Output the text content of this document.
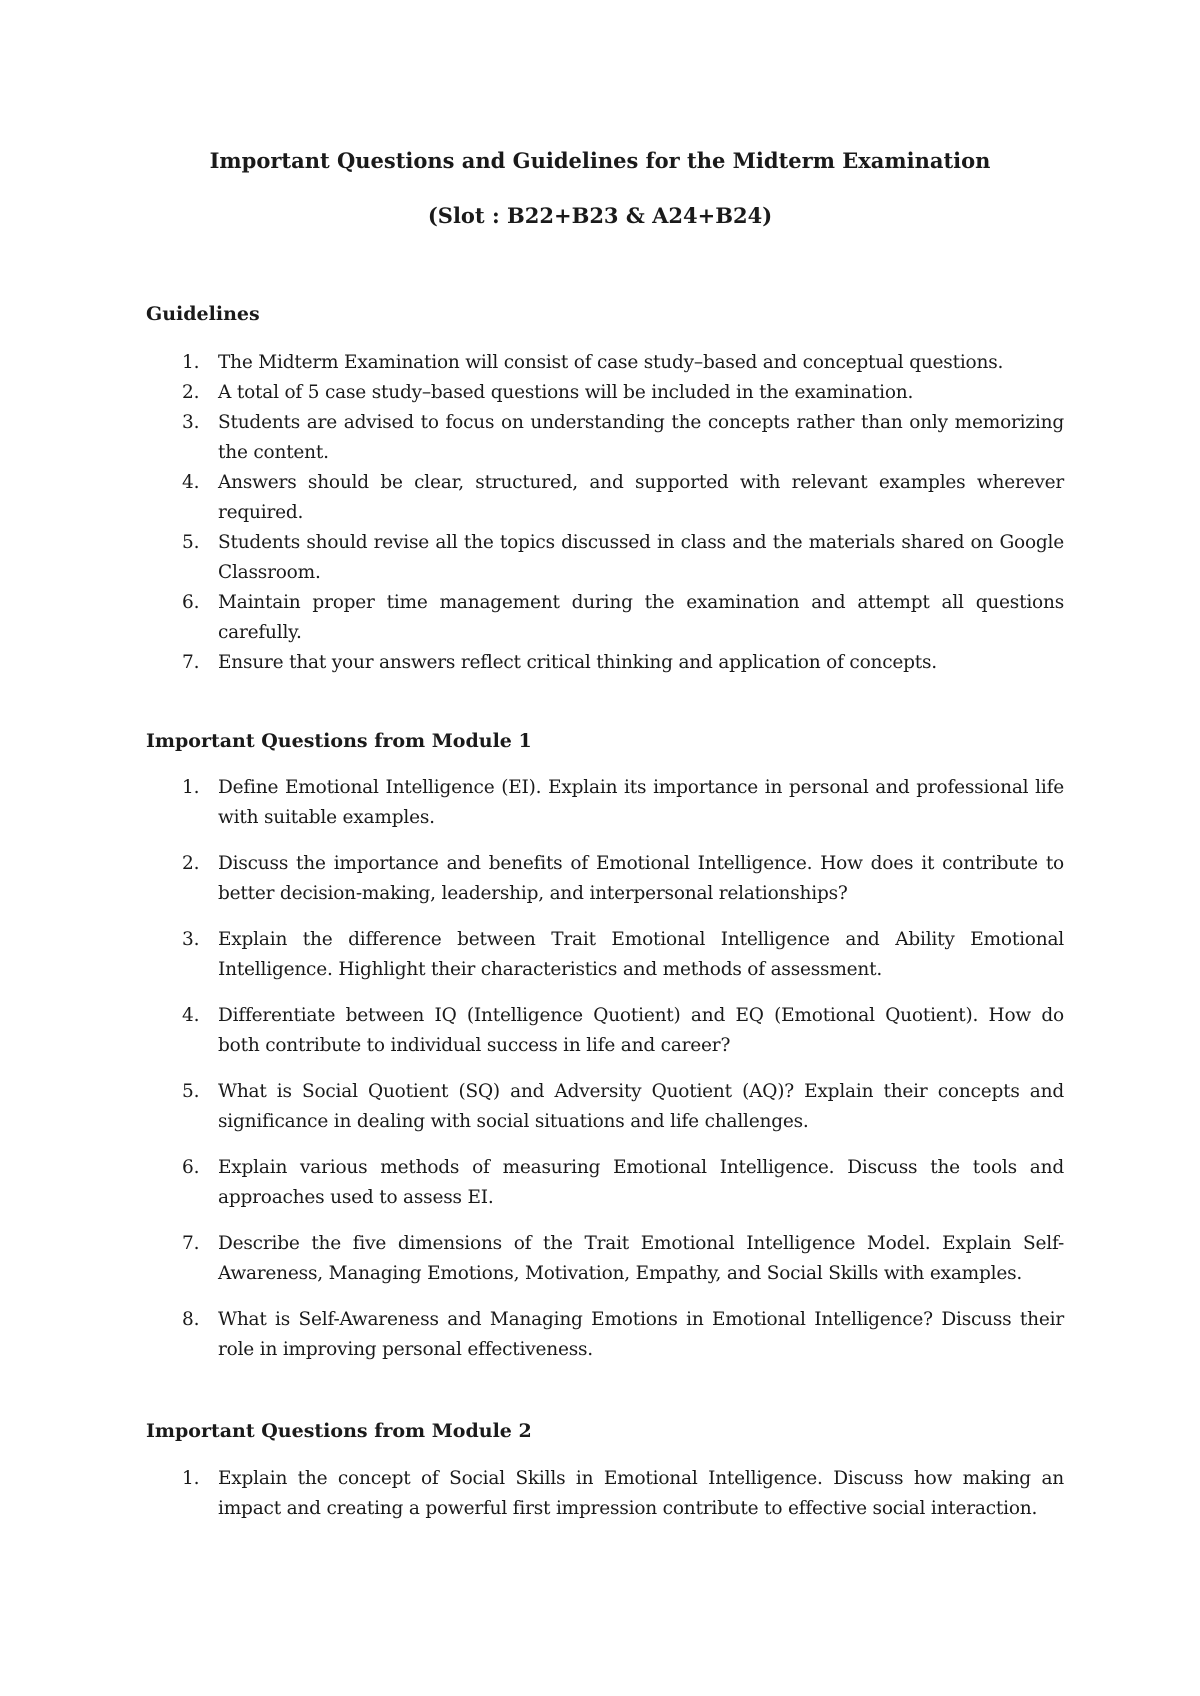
Important Questions and Guidelines for the Midterm Examination
(Slot : B22+B23 & A24+B24)
Guidelines
1. The Midterm Examination will consist of case study–based and conceptual questions.
2. A total of 5 case study–based questions will be included in the examination.
3. Students are advised to focus on understanding the concepts rather than only memorizing the content.
4. Answers should be clear, structured, and supported with relevant examples wherever required.
5. Students should revise all the topics discussed in class and the materials shared on Google Classroom.
6. Maintain proper time management during the examination and attempt all questions carefully.
7. Ensure that your answers reflect critical thinking and application of concepts.
Important Questions from Module 1
1. Define Emotional Intelligence (EI). Explain its importance in personal and professional life with suitable examples.
2. Discuss the importance and benefits of Emotional Intelligence. How does it contribute to better decision-making, leadership, and interpersonal relationships?
3. Explain the difference between Trait Emotional Intelligence and Ability Emotional Intelligence. Highlight their characteristics and methods of assessment.
4. Differentiate between IQ (Intelligence Quotient) and EQ (Emotional Quotient). How do both contribute to individual success in life and career?
5. What is Social Quotient (SQ) and Adversity Quotient (AQ)? Explain their concepts and significance in dealing with social situations and life challenges.
6. Explain various methods of measuring Emotional Intelligence. Discuss the tools and approaches used to assess EI.
7. Describe the five dimensions of the Trait Emotional Intelligence Model. Explain Self-Awareness, Managing Emotions, Motivation, Empathy, and Social Skills with examples.
8. What is Self-Awareness and Managing Emotions in Emotional Intelligence? Discuss their role in improving personal effectiveness.
Important Questions from Module 2
1. Explain the concept of Social Skills in Emotional Intelligence. Discuss how making an impact and creating a powerful first impression contribute to effective social interaction.
